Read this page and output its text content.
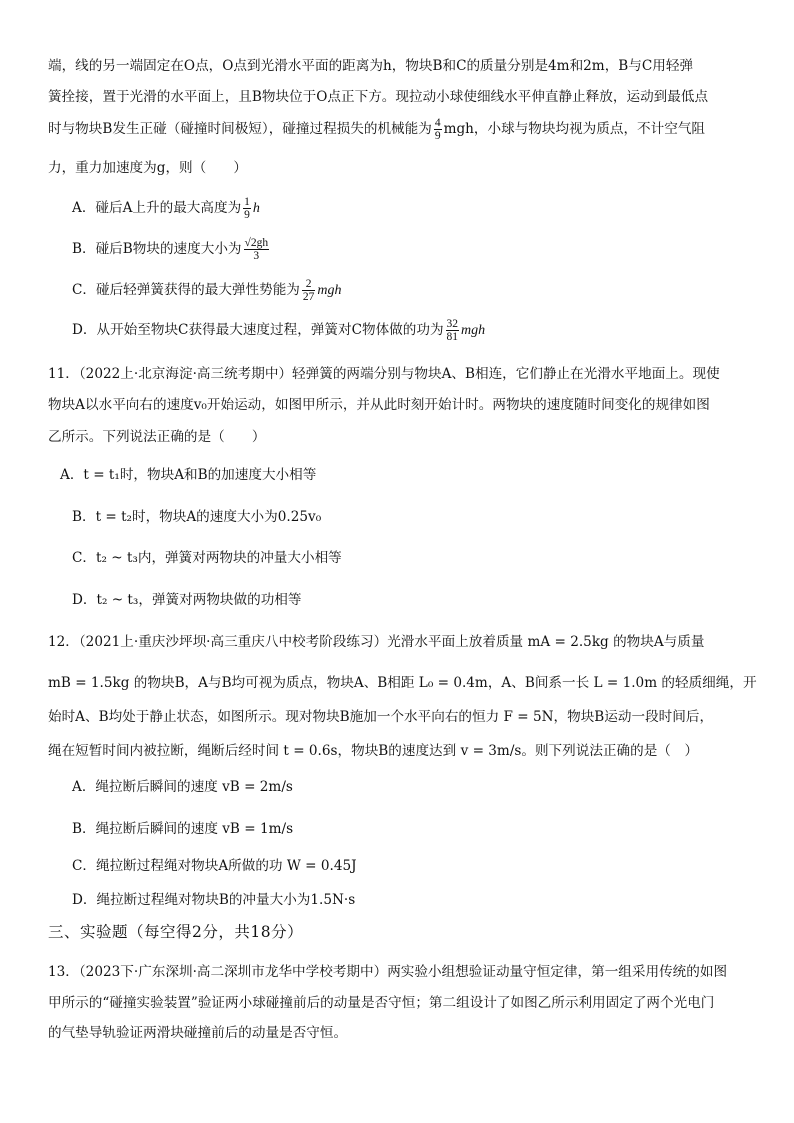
端，线的另一端固定在O点，O点到光滑水平面的距离为h，物块B和C的质量分别是4m和2m，B与C用轻弹
簧拴接，置于光滑的水平面上，且B物块位于O点正下方。现拉动小球使细线水平伸直静止释放，运动到最低点
时与物块B发生正碰（碰撞时间极短），碰撞过程损失的机械能为 $\frac{4}{9}$ mgh，小球与物块均视为质点，不计空气阻
力，重力加速度为g，则（　　）
A．碰后A上升的最大高度为 $\frac{1}{9}$ h
B．碰后B物块的速度大小为 $\frac{√2gh}{3}$
C．碰后轻弹簧获得的最大弹性势能为 $\frac{2}{27}$ mgh
D．从开始至物块C获得最大速度过程，弹簧对C物体做的功为 $\frac{32}{81}$ mgh
11．（2022上·北京海淀·高三统考期中）轻弹簧的两端分别与物块A、B相连，它们静止在光滑水平地面上。现使
物块A以水平向右的速度v₀开始运动，如图甲所示，并从此时刻开始计时。两物块的速度随时间变化的规律如图
乙所示。下列说法正确的是（　　）
A．t = t₁时，物块A和B的加速度大小相等
B．t = t₂时，物块A的速度大小为0.25v₀
C．t₂ ~ t₃内，弹簧对两物块的冲量大小相等
D．t₂ ~ t₃，弹簧对两物块做的功相等
12．（2021上·重庆沙坪坝·高三重庆八中校考阶段练习）光滑水平面上放着质量 mA = 2.5kg 的物块A与质量
mB = 1.5kg 的物块B，A与B均可视为质点，物块A、B相距 L₀ = 0.4m，A、B间系一长 L = 1.0m 的轻质细绳，开
始时A、B均处于静止状态，如图所示。现对物块B施加一个水平向右的恒力 F = 5N，物块B运动一段时间后，
绳在短暂时间内被拉断，绳断后经时间 t = 0.6s，物块B的速度达到 v = 3m/s。则下列说法正确的是（　）
A．绳拉断后瞬间的速度 vB = 2m/s
B．绳拉断后瞬间的速度 vB = 1m/s
C．绳拉断过程绳对物块A所做的功 W = 0.45J
D．绳拉断过程绳对物块B的冲量大小为1.5N·s
三、实验题（每空得2分，共18分）
13．（2023下·广东深圳·高二深圳市龙华中学校考期中）两实验小组想验证动量守恒定律，第一组采用传统的如图
甲所示的“碰撞实验装置”验证两小球碰撞前后的动量是否守恒；第二组设计了如图乙所示利用固定了两个光电门
的气垫导轨验证两滑块碰撞前后的动量是否守恒。
